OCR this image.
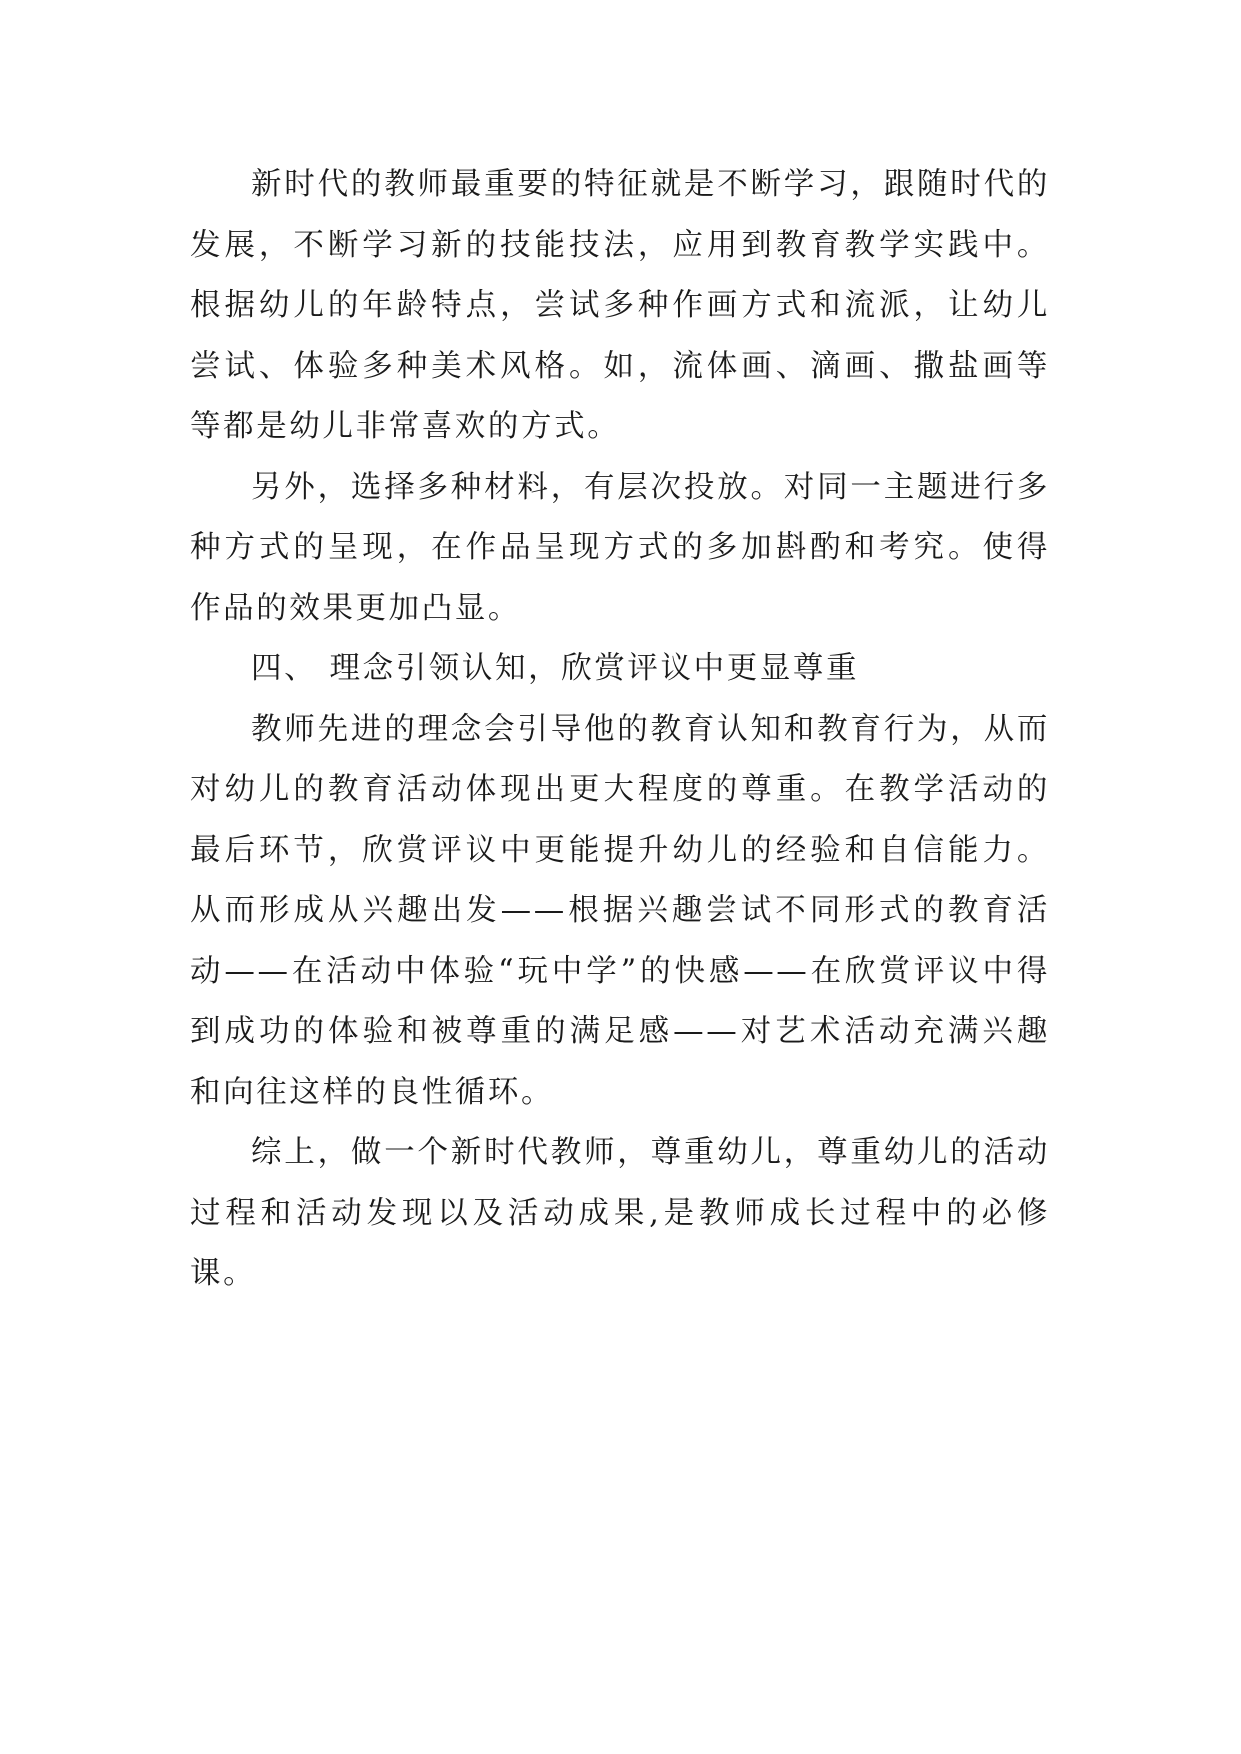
新时代的教师最重要的特征就是不断学习，跟随时代的发展，不断学习新的技能技法，应用到教育教学实践中。根据幼儿的年龄特点，尝试多种作画方式和流派，让幼儿尝试、体验多种美术风格。如，流体画、滴画、撒盐画等等都是幼儿非常喜欢的方式。

另外，选择多种材料，有层次投放。对同一主题进行多种方式的呈现，在作品呈现方式的多加斟酌和考究。使得作品的效果更加凸显。

四、 理念引领认知，欣赏评议中更显尊重

教师先进的理念会引导他的教育认知和教育行为，从而对幼儿的教育活动体现出更大程度的尊重。在教学活动的最后环节，欣赏评议中更能提升幼儿的经验和自信能力。从而形成从兴趣出发——根据兴趣尝试不同形式的教育活动——在活动中体验“玩中学”的快感——在欣赏评议中得到成功的体验和被尊重的满足感——对艺术活动充满兴趣和向往这样的良性循环。

综上，做一个新时代教师，尊重幼儿，尊重幼儿的活动过程和活动发现以及活动成果,是教师成长过程中的必修课。
